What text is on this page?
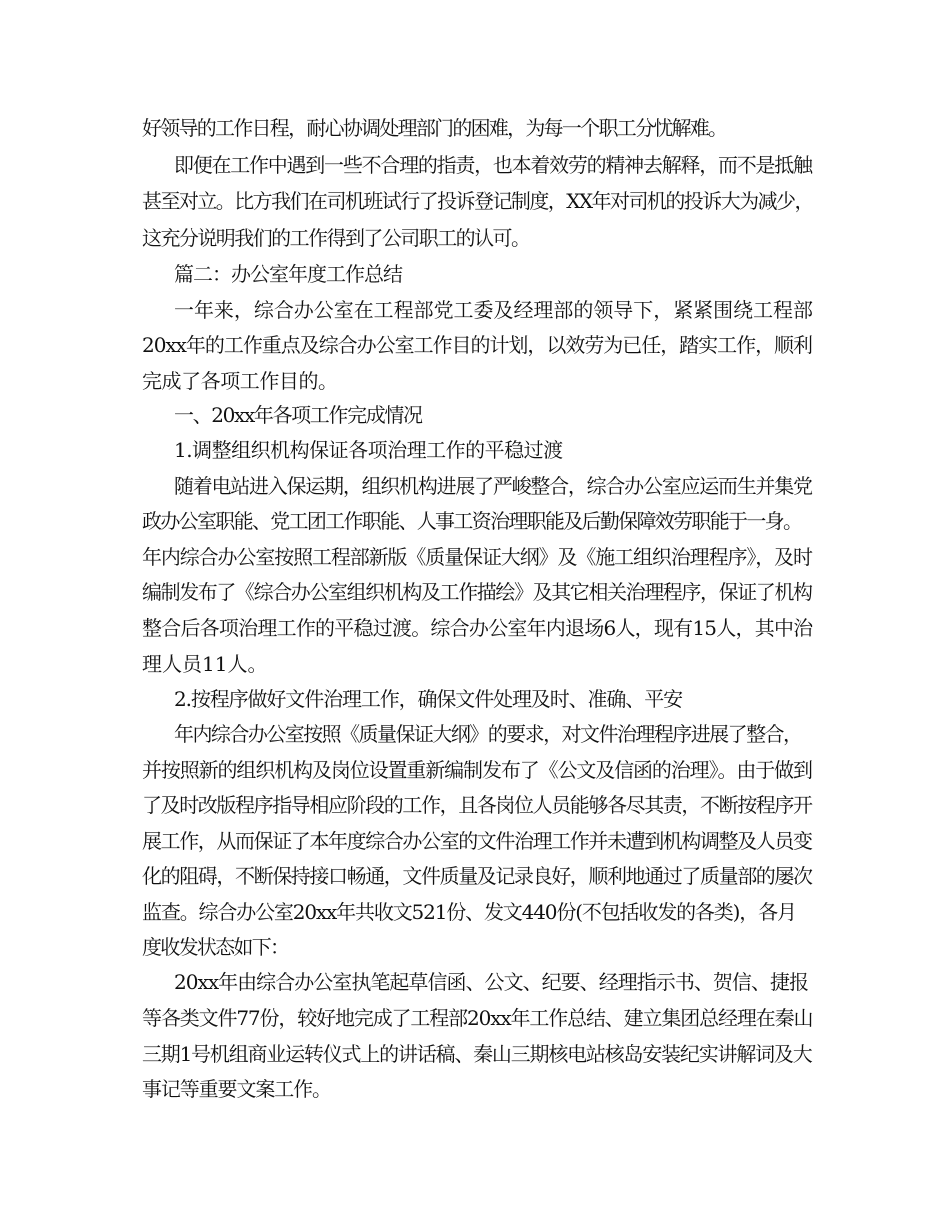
好领导的工作日程，耐心协调处理部门的困难，为每一个职工分忧解难。
即便在工作中遇到一些不合理的指责，也本着效劳的精神去解释，而不是抵触
甚至对立。比方我们在司机班试行了投诉登记制度，XX年对司机的投诉大为减少，
这充分说明我们的工作得到了公司职工的认可。
篇二：办公室年度工作总结
一年来，综合办公室在工程部党工委及经理部的领导下，紧紧围绕工程部
20xx年的工作重点及综合办公室工作目的计划，以效劳为已任，踏实工作，顺利
完成了各项工作目的。
一、20xx年各项工作完成情况
1.调整组织机构保证各项治理工作的平稳过渡
随着电站进入保运期，组织机构进展了严峻整合，综合办公室应运而生并集党
政办公室职能、党工团工作职能、人事工资治理职能及后勤保障效劳职能于一身。
年内综合办公室按照工程部新版《质量保证大纲》及《施工组织治理程序》，及时
编制发布了《综合办公室组织机构及工作描绘》及其它相关治理程序，保证了机构
整合后各项治理工作的平稳过渡。综合办公室年内退场6人，现有15人，其中治
理人员11人。
2.按程序做好文件治理工作，确保文件处理及时、准确、平安
年内综合办公室按照《质量保证大纲》的要求，对文件治理程序进展了整合，
并按照新的组织机构及岗位设置重新编制发布了《公文及信函的治理》。由于做到
了及时改版程序指导相应阶段的工作，且各岗位人员能够各尽其责，不断按程序开
展工作，从而保证了本年度综合办公室的文件治理工作并未遭到机构调整及人员变
化的阻碍，不断保持接口畅通，文件质量及记录良好，顺利地通过了质量部的屡次
监查。综合办公室20xx年共收文521份、发文440份(不包括收发的各类)，各月
度收发状态如下：
20xx年由综合办公室执笔起草信函、公文、纪要、经理指示书、贺信、捷报
等各类文件77份，较好地完成了工程部20xx年工作总结、建立集团总经理在秦山
三期1号机组商业运转仪式上的讲话稿、秦山三期核电站核岛安装纪实讲解词及大
事记等重要文案工作。
